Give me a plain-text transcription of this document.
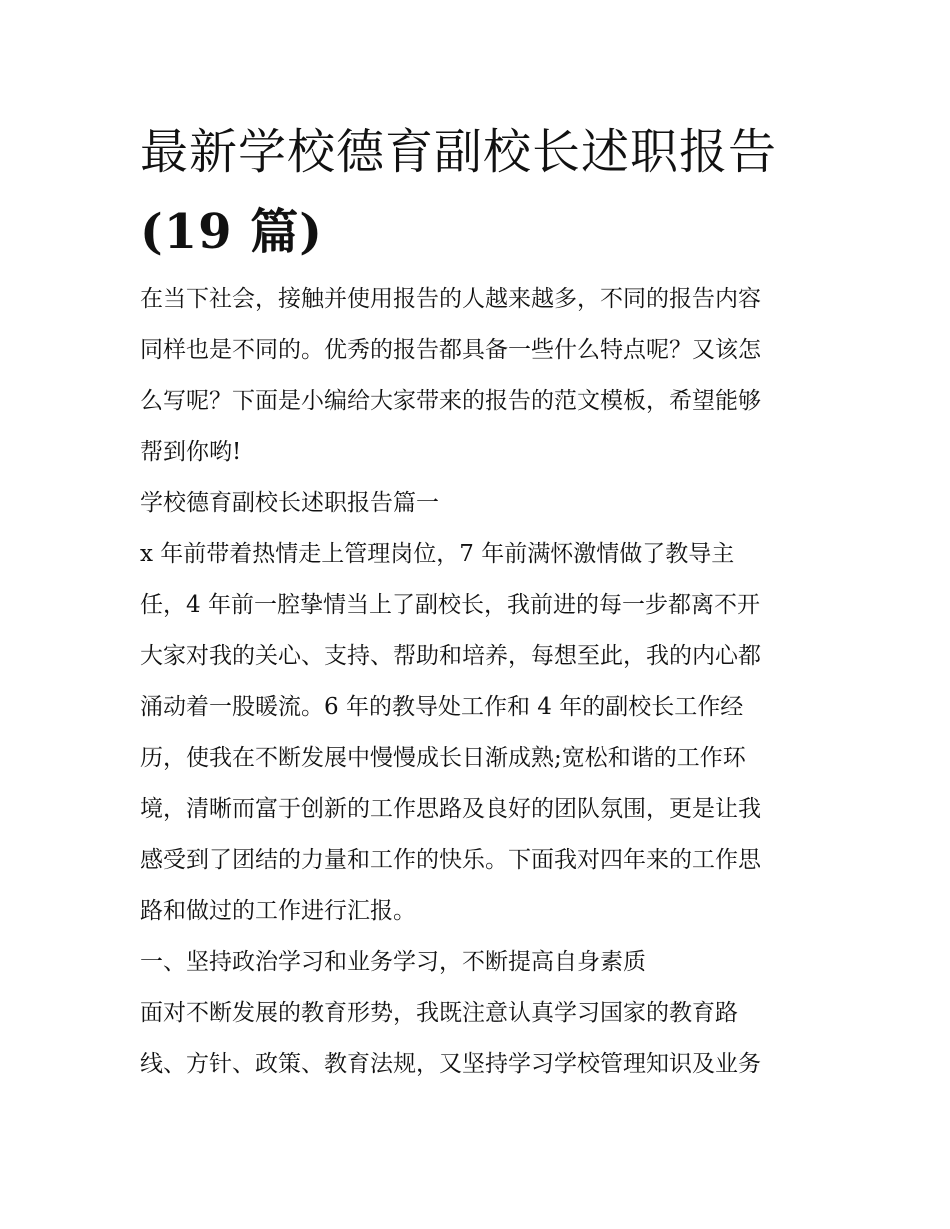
最新学校德育副校长述职报告
(19 篇)
在当下社会，接触并使用报告的人越来越多，不同的报告内容
同样也是不同的。优秀的报告都具备一些什么特点呢？又该怎
么写呢？下面是小编给大家带来的报告的范文模板，希望能够
帮到你哟!
学校德育副校长述职报告篇一
x 年前带着热情走上管理岗位，7 年前满怀激情做了教导主
任，4 年前一腔挚情当上了副校长，我前进的每一步都离不开
大家对我的关心、支持、帮助和培养，每想至此，我的内心都
涌动着一股暖流。6 年的教导处工作和 4 年的副校长工作经
历，使我在不断发展中慢慢成长日渐成熟;宽松和谐的工作环
境，清晰而富于创新的工作思路及良好的团队氛围，更是让我
感受到了团结的力量和工作的快乐。下面我对四年来的工作思
路和做过的工作进行汇报。
一、坚持政治学习和业务学习，不断提高自身素质
面对不断发展的教育形势，我既注意认真学习国家的教育路
线、方针、政策、教育法规，又坚持学习学校管理知识及业务
